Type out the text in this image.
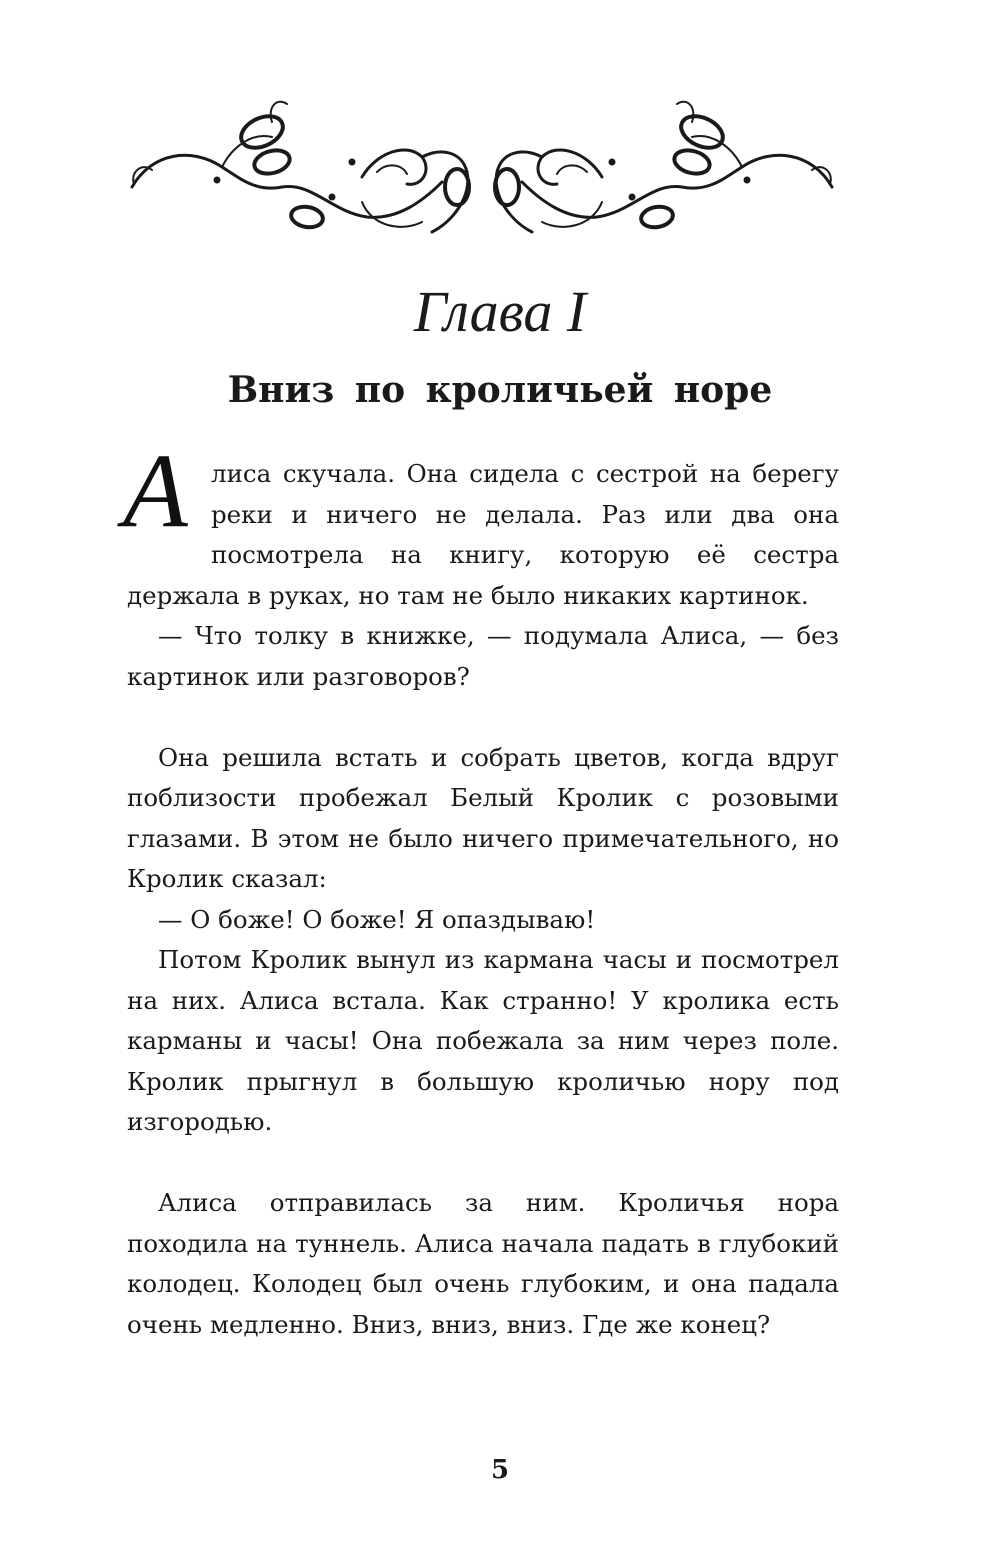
Глава I
Вниз по кроличьей норе

А лиса скучала. Она сидела с сестрой на берегу реки и ничего не делала. Раз или два она посмотрела на книгу, которую её сестра держала в руках, но там не было никаких картинок.

— Что толку в книжке, — подумала Алиса, — без картинок или разговоров?

Она решила встать и собрать цветов, когда вдруг поблизости пробежал Белый Кролик с розовыми глазами. В этом не было ничего примечательного, но Кролик сказал:

— О боже! О боже! Я опаздываю!

Потом Кролик вынул из кармана часы и посмотрел на них. Алиса встала. Как странно! У кролика есть карманы и часы! Она побежала за ним через поле. Кролик прыгнул в большую кроличью нору под изгородью.

Алиса отправилась за ним. Кроличья нора походила на туннель. Алиса начала падать в глубокий колодец. Колодец был очень глубоким, и она падала очень медленно. Вниз, вниз, вниз. Где же конец?

5
